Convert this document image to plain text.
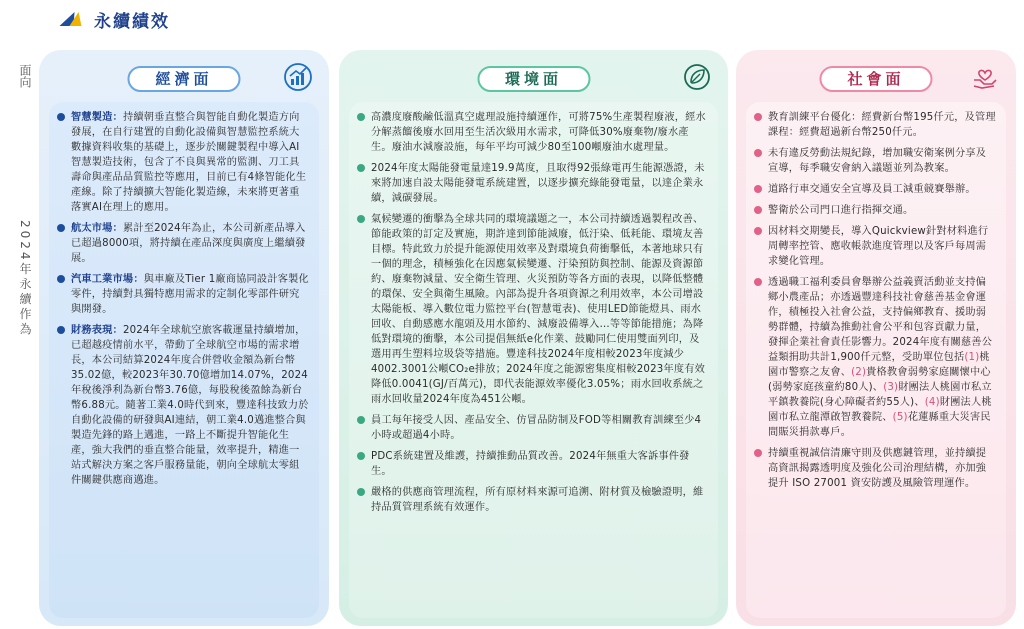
永續績效
面向 2024年永續作為
經濟面
智慧製造：持續朝垂直整合與智能自動化製造方向發展，在自行建置的自動化設備與智慧監控系統大數據資料收集的基礎上，逐步於關鍵製程中導入AI智慧製造技術，包含了不良與異常的監測、刀工具壽命與產品品質監控等應用，目前已有4條智能化生產線。除了持續擴大智能化製造線，未來將更著重落實AI在理上的應用。
航太市場：累計至2024年為止，本公司新產品導入已超過8000項，將持續在產品深度與廣度上繼續發展。
汽車工業市場：與車廠及Tier 1廠商協同設計客製化零件，持續對具獨特應用需求的定制化零部件研究與開發。
財務表現：2024年全球航空旅客載運量持續增加，已超越疫情前水平，帶動了全球航空市場的需求增長，本公司結算2024年度合併營收金額為新台幣35.02億，較2023年30.70億增加14.07%，2024年稅後淨利為新台幣3.76億，每股稅後盈餘為新台幣6.88元。隨著工業4.0時代到來，豐達科技致力於自動化設備的研發與AI連結，朝工業4.0邁進整合與製造先鋒的路上邁進，一路上不斷提升智能化生產，強大我們的垂直整合能量，效率提升，精進一站式解決方案之客戶服務量能，朝向全球航太零組件關鍵供應商邁進。
環境面
高濃度廢酸鹼低溫真空處理設施持續運作，可將75%生產製程廢液，經水分解蒸餾後廢水回用至生活次級用水需求，可降低30%廢棄物/廢水產生。廢油水減廢設施，每年平均可減少80至100噸廢油水處理量。
2024年度太陽能發電量達19.9萬度，且取得92張綠電再生能源憑證，未來將加速自設太陽能發電系統建置，以逐步擴充綠能發電量，以達企業永續，減碳發展。
氣候變遷的衝擊為全球共同的環境議題之一，本公司持續透過製程改善、節能政策的訂定及實施，期許達到節能減廢，低汙染、低耗能、環境友善目標。特此致力於提升能源使用效率及對環境負荷衝擊低，本著地球只有一個的理念，積極強化在因應氣候變遷、汙染預防與控制、能源及資源節約、廢棄物減量、安全衛生管理、火災預防等各方面的表現，以降低整體的環保、安全與衛生風險。內部為提升各項資源之利用效率，本公司增設太陽能板、導入數位電力監控平台(智慧電表)、使用LED節能燈具、雨水回收、自動感應水龍頭及用水節約、減廢設備導入…等等節能措施；為降低對環境的衝擊，本公司提倡無紙e化作業、鼓勵同仁使用雙面列印，及選用再生塑料垃圾袋等措施。豐達科技2024年度相較2023年度減少4002.3001公噸CO₂e排放；2024年度之能源密集度相較2023年度有效降低0.0041(GJ/百萬元)，即代表能源效率優化3.05%；雨水回收系統之雨水回收量2024年度為451公噸。
員工每年接受人因、產品安全、仿冒品防制及FOD等相關教育訓練至少4小時或超過4小時。
PDC系統建置及維護，持續推動品質改善。2024年無重大客訴事件發生。
嚴格的供應商管理流程，所有原材料來源可追溯、附材質及檢驗證明，維持品質管理系統有效運作。
社會面
教育訓練平台優化：經費新台幣195仟元，及管理課程：經費超過新台幣250仟元。
未有違反勞動法規紀錄，增加職安衛案例分享及宣導，每季職安會納入議題並列為教案。
道路行車交通安全宣導及員工減重競賽舉辦。
警衛於公司門口進行指揮交通。
因材料交期變長，導入Quickview針對材料進行周轉率控管、應收帳款進度管理以及客戶每周需求變化管理。
透過職工福利委員會舉辦公益義賣活動並支持偏鄉小農產品；亦透過豐達科技社會慈善基金會運作，積極投入社會公益，支持偏鄉教育、援助弱勢群體，持續為推動社會公平和包容貢獻力量，發揮企業社會責任影響力。2024年度有關慈善公益類捐助共計1,900仟元整，受助單位包括(1)桃園市警察之友會、(2)貴格教會弱勢家庭關懷中心(弱勢家庭孩童約80人)、(3)財團法人桃園市私立平鎮教養院(身心障礙者約55人)、(4)財團法人桃園市私立龍潭啟智教養院、(5)花蓮縣重大災害民間賑災捐款專戶。
持續重視誠信清廉守則及供應鏈管理，並持續提高資訊揭露透明度及強化公司治理結構，亦加強提升 ISO 27001 資安防護及風險管理運作。
